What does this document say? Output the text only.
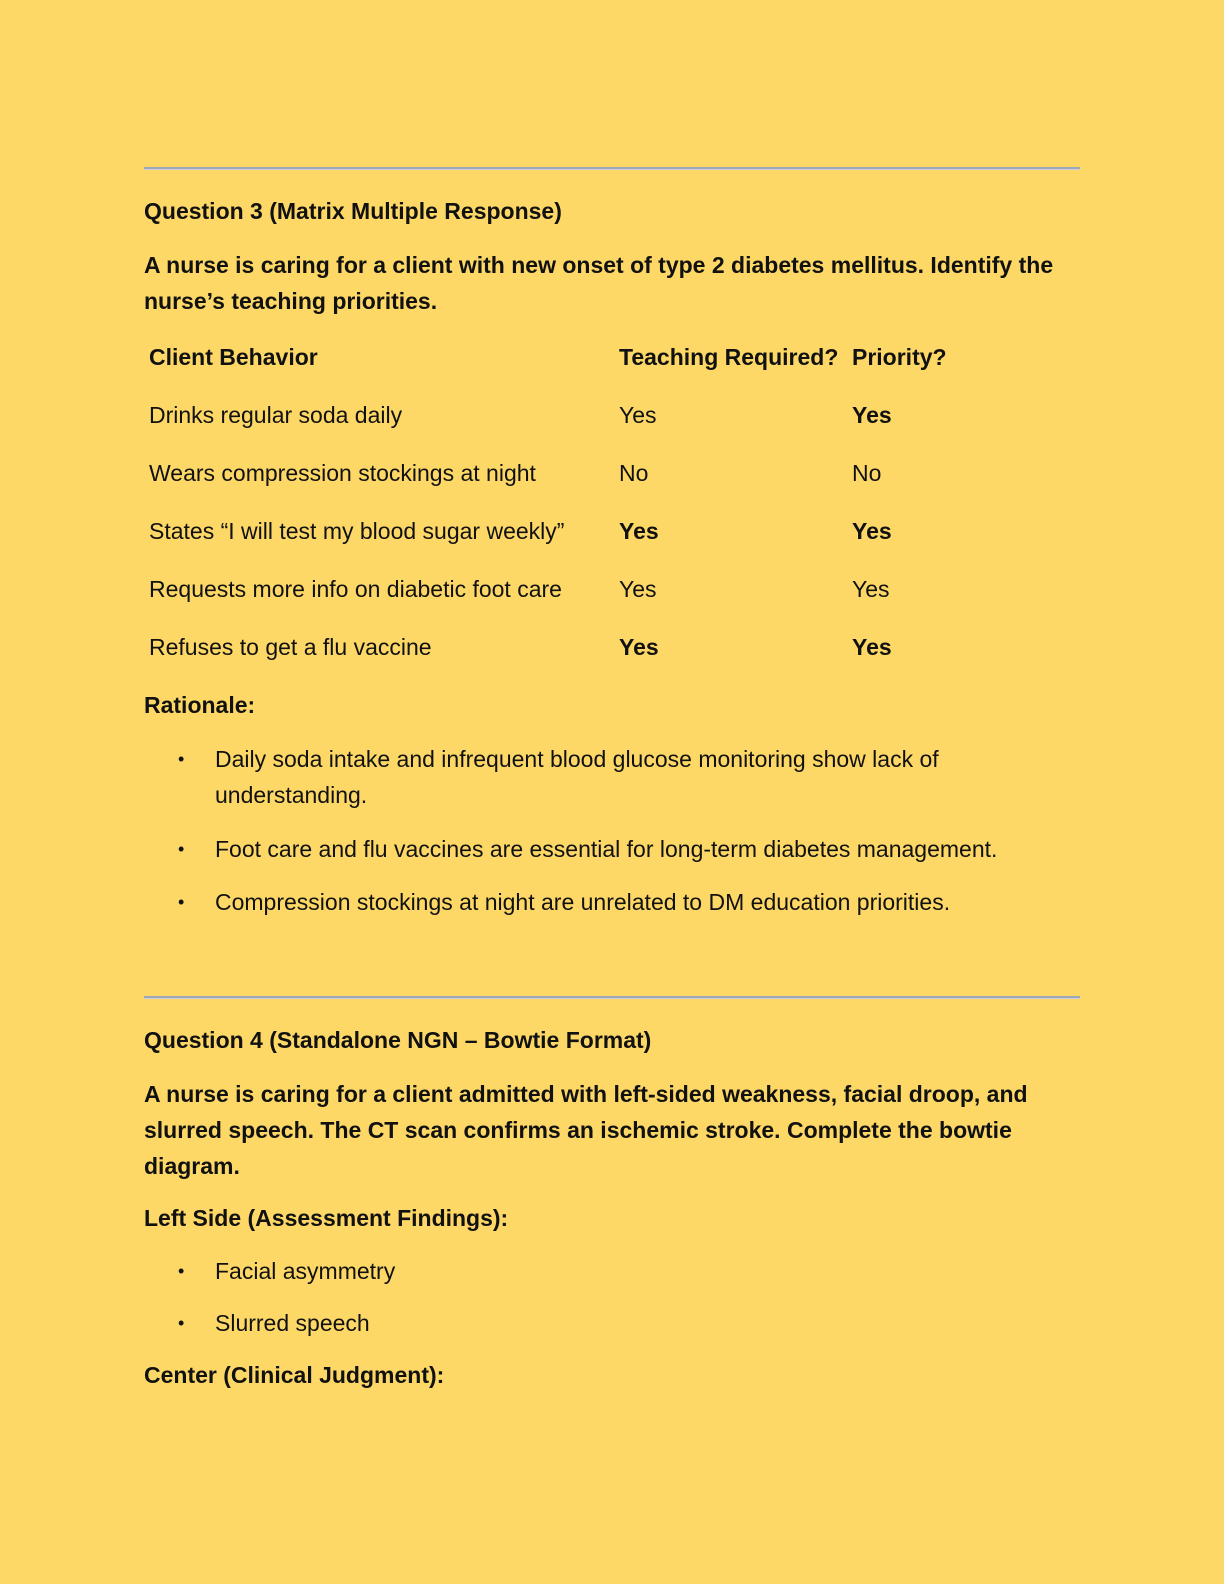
Question 3 (Matrix Multiple Response)

A nurse is caring for a client with new onset of type 2 diabetes mellitus. Identify the nurse’s teaching priorities.

Client Behavior	Teaching Required? Priority?
Drinks regular soda daily	Yes	Yes
Wears compression stockings at night	No	No
States “I will test my blood sugar weekly” Yes	Yes
Requests more info on diabetic foot care Yes	Yes
Refuses to get a flu vaccine	Yes	Yes

Rationale:

• Daily soda intake and infrequent blood glucose monitoring show lack of understanding.
• Foot care and flu vaccines are essential for long-term diabetes management.
• Compression stockings at night are unrelated to DM education priorities.

Question 4 (Standalone NGN – Bowtie Format)

A nurse is caring for a client admitted with left-sided weakness, facial droop, and slurred speech. The CT scan confirms an ischemic stroke. Complete the bowtie diagram.

Left Side (Assessment Findings):

• Facial asymmetry
• Slurred speech

Center (Clinical Judgment):
